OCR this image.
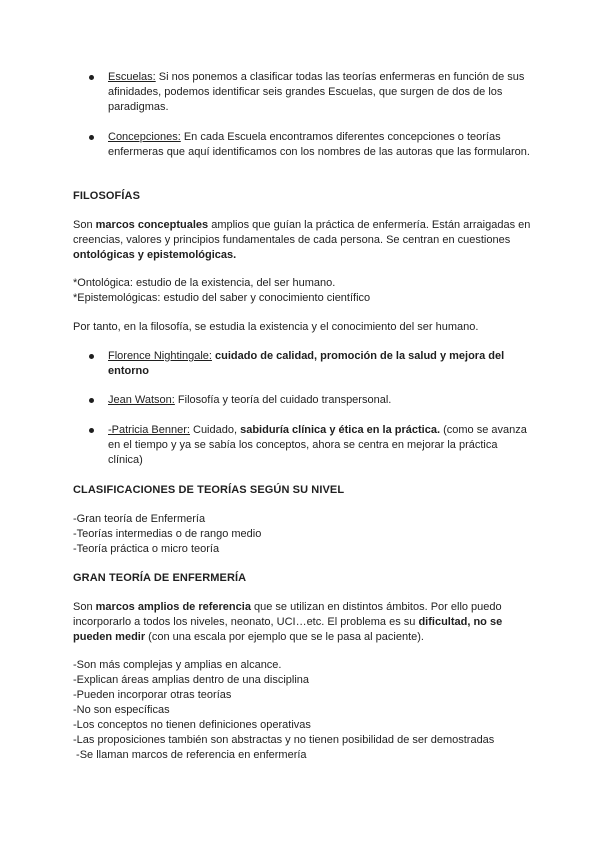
Escuelas: Si nos ponemos a clasificar todas las teorías enfermeras en función de sus afinidades, podemos identificar seis grandes Escuelas, que surgen de dos de los paradigmas.

Concepciones: En cada Escuela encontramos diferentes concepciones o teorías enfermeras que aquí identificamos con los nombres de las autoras que las formularon.

FILOSOFÍAS

Son marcos conceptuales amplios que guían la práctica de enfermería. Están arraigadas en creencias, valores y principios fundamentales de cada persona. Se centran en cuestiones ontológicas y epistemológicas.

*Ontológica: estudio de la existencia, del ser humano.
*Epistemológicas: estudio del saber y conocimiento científico
Por tanto, en la filosofía, se estudia la existencia y el conocimiento del ser humano.

Florence Nightingale: cuidado de calidad, promoción de la salud y mejora del entorno

Jean Watson: Filosofía y teoría del cuidado transpersonal.

-Patricia Benner: Cuidado, sabiduría clínica y ética en la práctica. (como se avanza en el tiempo y ya se sabía los conceptos, ahora se centra en mejorar la práctica clínica)

CLASIFICACIONES DE TEORÍAS SEGÚN SU NIVEL

-Gran teoría de Enfermería

-Teorías intermedias o de rango medio

-Teoría práctica o micro teoría

GRAN TEORÍA DE ENFERMERÍA

Son marcos amplios de referencia que se utilizan en distintos ámbitos. Por ello puedo incorporarlo a todos los niveles, neonato, UCI…etc. El problema es su dificultad, no se pueden medir (con una escala por ejemplo que se le pasa al paciente).

-Son más complejas y amplias en alcance.

-Explican áreas amplias dentro de una disciplina

-Pueden incorporar otras teorías

-No son específicas

-Los conceptos no tienen definiciones operativas

-Las proposiciones también son abstractas y no tienen posibilidad de ser demostradas

-Se llaman marcos de referencia en enfermería
